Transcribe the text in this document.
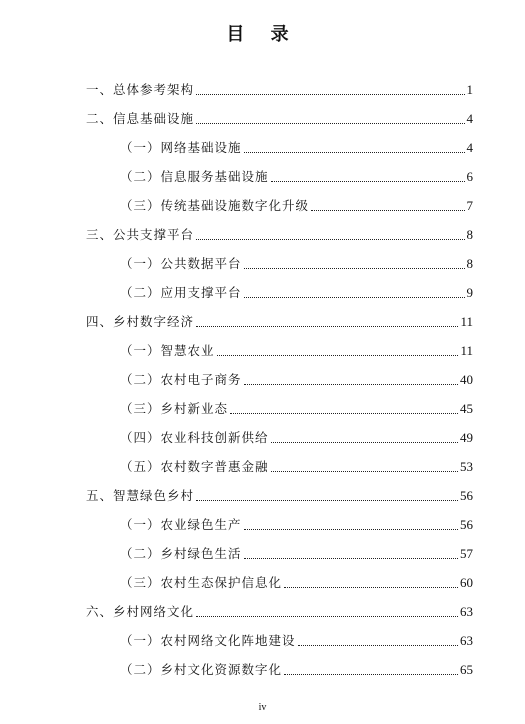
目 录
一、总体参考架构	1
二、信息基础设施	4
（一）网络基础设施	4
（二）信息服务基础设施	6
（三）传统基础设施数字化升级	7
三、公共支撑平台	8
（一）公共数据平台	8
（二）应用支撑平台	9
四、乡村数字经济	11
（一）智慧农业	11
（二）农村电子商务	40
（三）乡村新业态	45
（四）农业科技创新供给	49
（五）农村数字普惠金融	53
五、智慧绿色乡村	56
（一）农业绿色生产	56
（二）乡村绿色生活	57
（三）农村生态保护信息化	60
六、乡村网络文化	63
（一）农村网络文化阵地建设	63
（二）乡村文化资源数字化	65
iv
